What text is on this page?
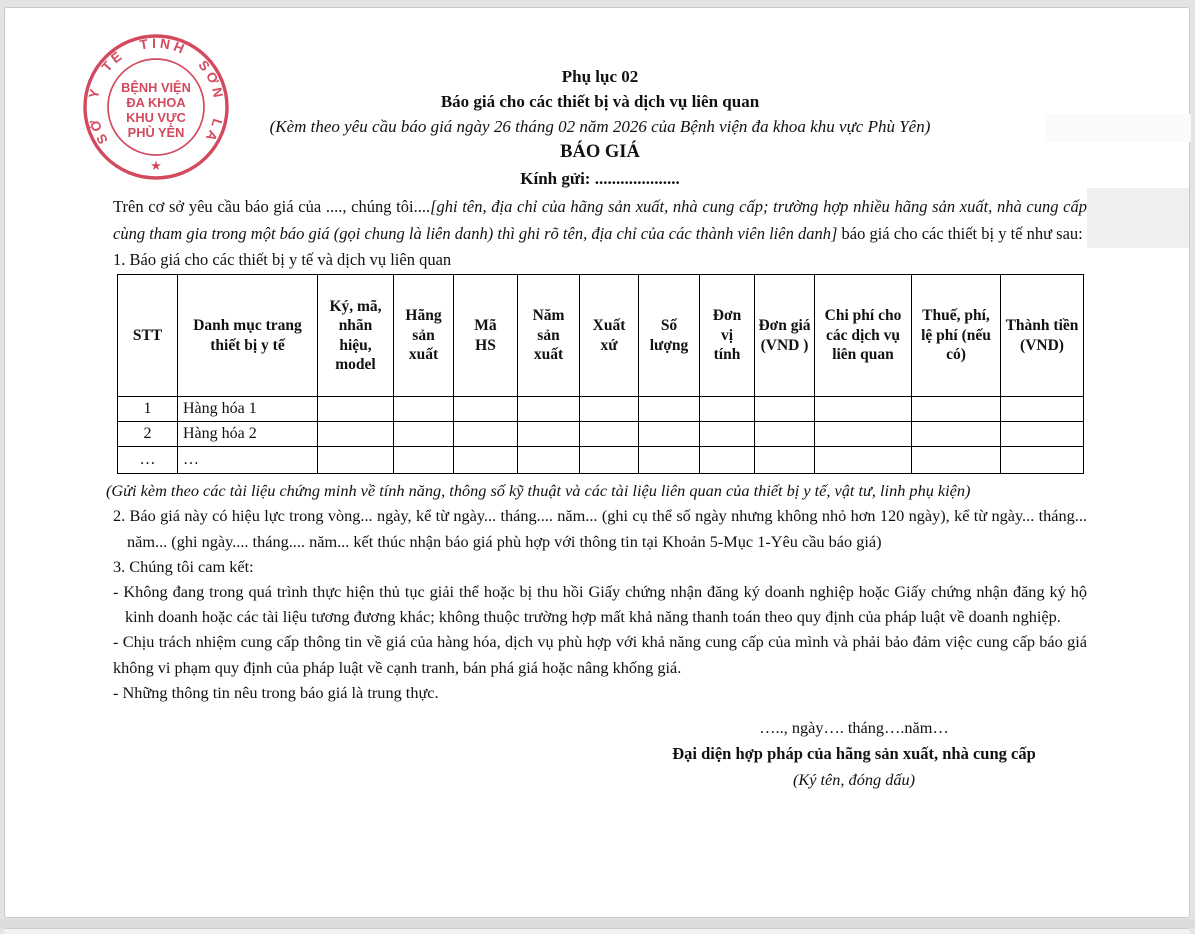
SỞ Y TẾ TỈNH SƠN LA
★
BỆNH VIỆN
ĐA KHOA
KHU VỰC
PHÙ YÊN
Phụ lục 02
Báo giá cho các thiết bị và dịch vụ liên quan
(Kèm theo yêu cầu báo giá ngày 26 tháng 02 năm 2026 của Bệnh viện đa khoa khu vực Phù Yên)
BÁO GIÁ
Kính gửi: ....................

Trên cơ sở yêu cầu báo giá của ...., chúng tôi....[ghi tên, địa chỉ của hãng sản xuất, nhà cung cấp; trường hợp nhiều hãng sản xuất, nhà cung cấp cùng tham gia trong một báo giá (gọi chung là liên danh) thì ghi rõ tên, địa chỉ của các thành viên liên danh] báo giá cho các thiết bị y tế như sau:

1. Báo giá cho các thiết bị y tế và dịch vụ liên quan
STT	Danh mục trang thiết bị y tế	Ký, mã, nhãn hiệu, model	Hãng sản xuất	Mã HS	Năm sản xuất	Xuất xứ	Số lượng	Đơn vị tính	Đơn giá (VND )	Chi phí cho các dịch vụ liên quan	Thuế, phí, lệ phí (nếu có)	Thành tiền (VND)
1	Hàng hóa 1											
2	Hàng hóa 2											
…	…											
(Gửi kèm theo các tài liệu chứng minh về tính năng, thông số kỹ thuật và các tài liệu liên quan của thiết bị y tế, vật tư, linh phụ kiện)
2. Báo giá này có hiệu lực trong vòng... ngày, kể từ ngày... tháng.... năm... (ghi cụ thể số ngày nhưng không nhỏ hơn 120 ngày), kể từ ngày... tháng... năm... (ghi ngày.... tháng.... năm... kết thúc nhận báo giá phù hợp với thông tin tại Khoản 5-Mục 1-Yêu cầu báo giá)
3. Chúng tôi cam kết:
- Không đang trong quá trình thực hiện thủ tục giải thể hoặc bị thu hồi Giấy chứng nhận đăng ký doanh nghiệp hoặc Giấy chứng nhận đăng ký hộ kinh doanh hoặc các tài liệu tương đương khác; không thuộc trường hợp mất khả năng thanh toán theo quy định của pháp luật về doanh nghiệp.
- Chịu trách nhiệm cung cấp thông tin về giá của hàng hóa, dịch vụ phù hợp với khả năng cung cấp của mình và phải bảo đảm việc cung cấp báo giá không vi phạm quy định của pháp luật về cạnh tranh, bán phá giá hoặc nâng khống giá.
- Những thông tin nêu trong báo giá là trung thực.
….., ngày…. tháng….năm…
Đại diện hợp pháp của hãng sản xuất, nhà cung cấp
(Ký tên, đóng dấu)
